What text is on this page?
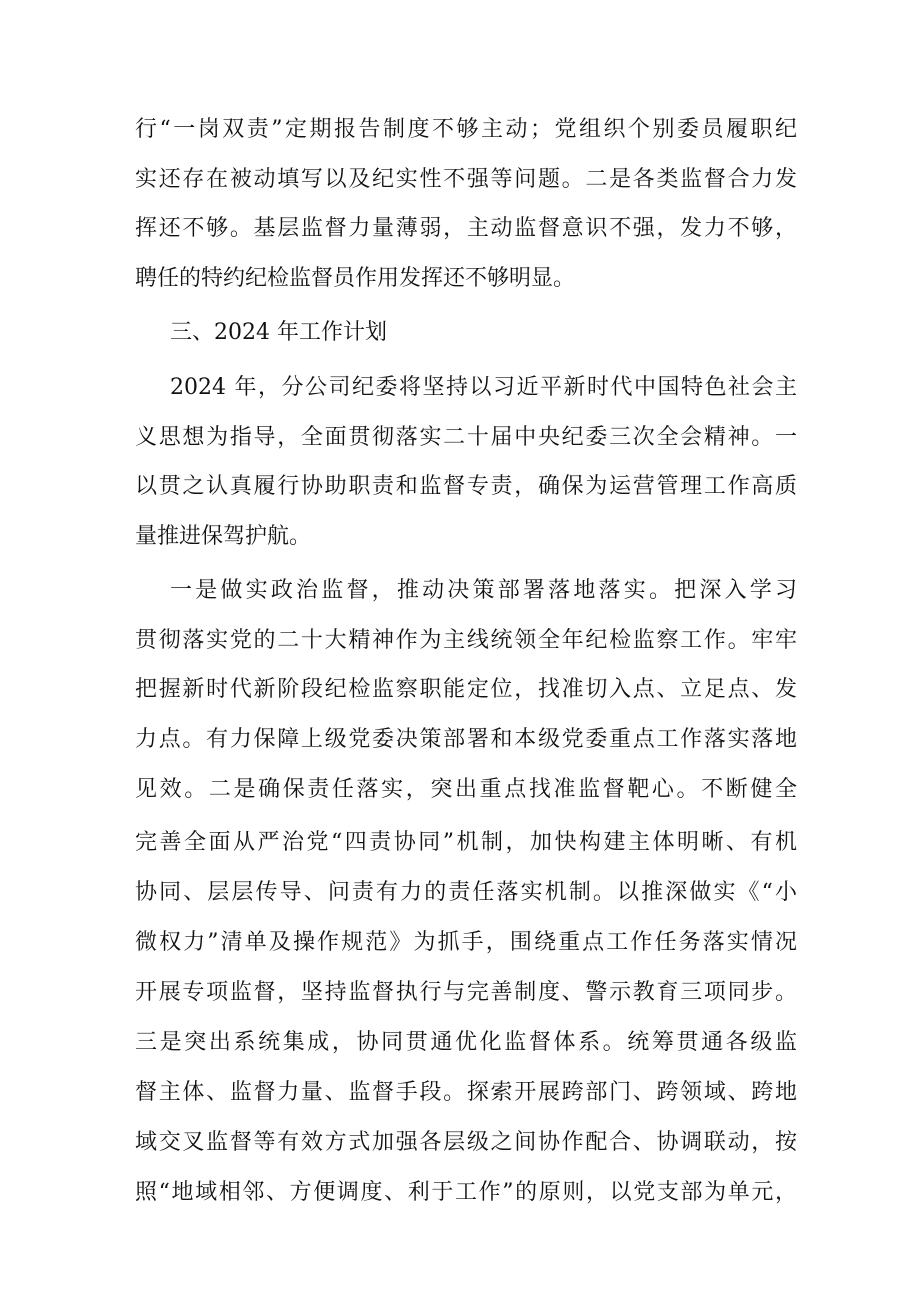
行“一岗双责”定期报告制度不够主动；党组织个别委员履职纪
实还存在被动填写以及纪实性不强等问题。二是各类监督合力发
挥还不够。基层监督力量薄弱，主动监督意识不强，发力不够，
聘任的特约纪检监督员作用发挥还不够明显。
三、2024 年工作计划
2024 年，分公司纪委将坚持以习近平新时代中国特色社会主
义思想为指导，全面贯彻落实二十届中央纪委三次全会精神。一
以贯之认真履行协助职责和监督专责，确保为运营管理工作高质
量推进保驾护航。
一是做实政治监督，推动决策部署落地落实。把深入学习
贯彻落实党的二十大精神作为主线统领全年纪检监察工作。牢牢
把握新时代新阶段纪检监察职能定位，找准切入点、立足点、发
力点。有力保障上级党委决策部署和本级党委重点工作落实落地
见效。二是确保责任落实，突出重点找准监督靶心。不断健全
完善全面从严治党“四责协同”机制，加快构建主体明晰、有机
协同、层层传导、问责有力的责任落实机制。以推深做实《“小
微权力”清单及操作规范》为抓手，围绕重点工作任务落实情况
开展专项监督，坚持监督执行与完善制度、警示教育三项同步。
三是突出系统集成，协同贯通优化监督体系。统筹贯通各级监
督主体、监督力量、监督手段。探索开展跨部门、跨领域、跨地
域交叉监督等有效方式加强各层级之间协作配合、协调联动，按
照“地域相邻、方便调度、利于工作”的原则，以党支部为单元，
